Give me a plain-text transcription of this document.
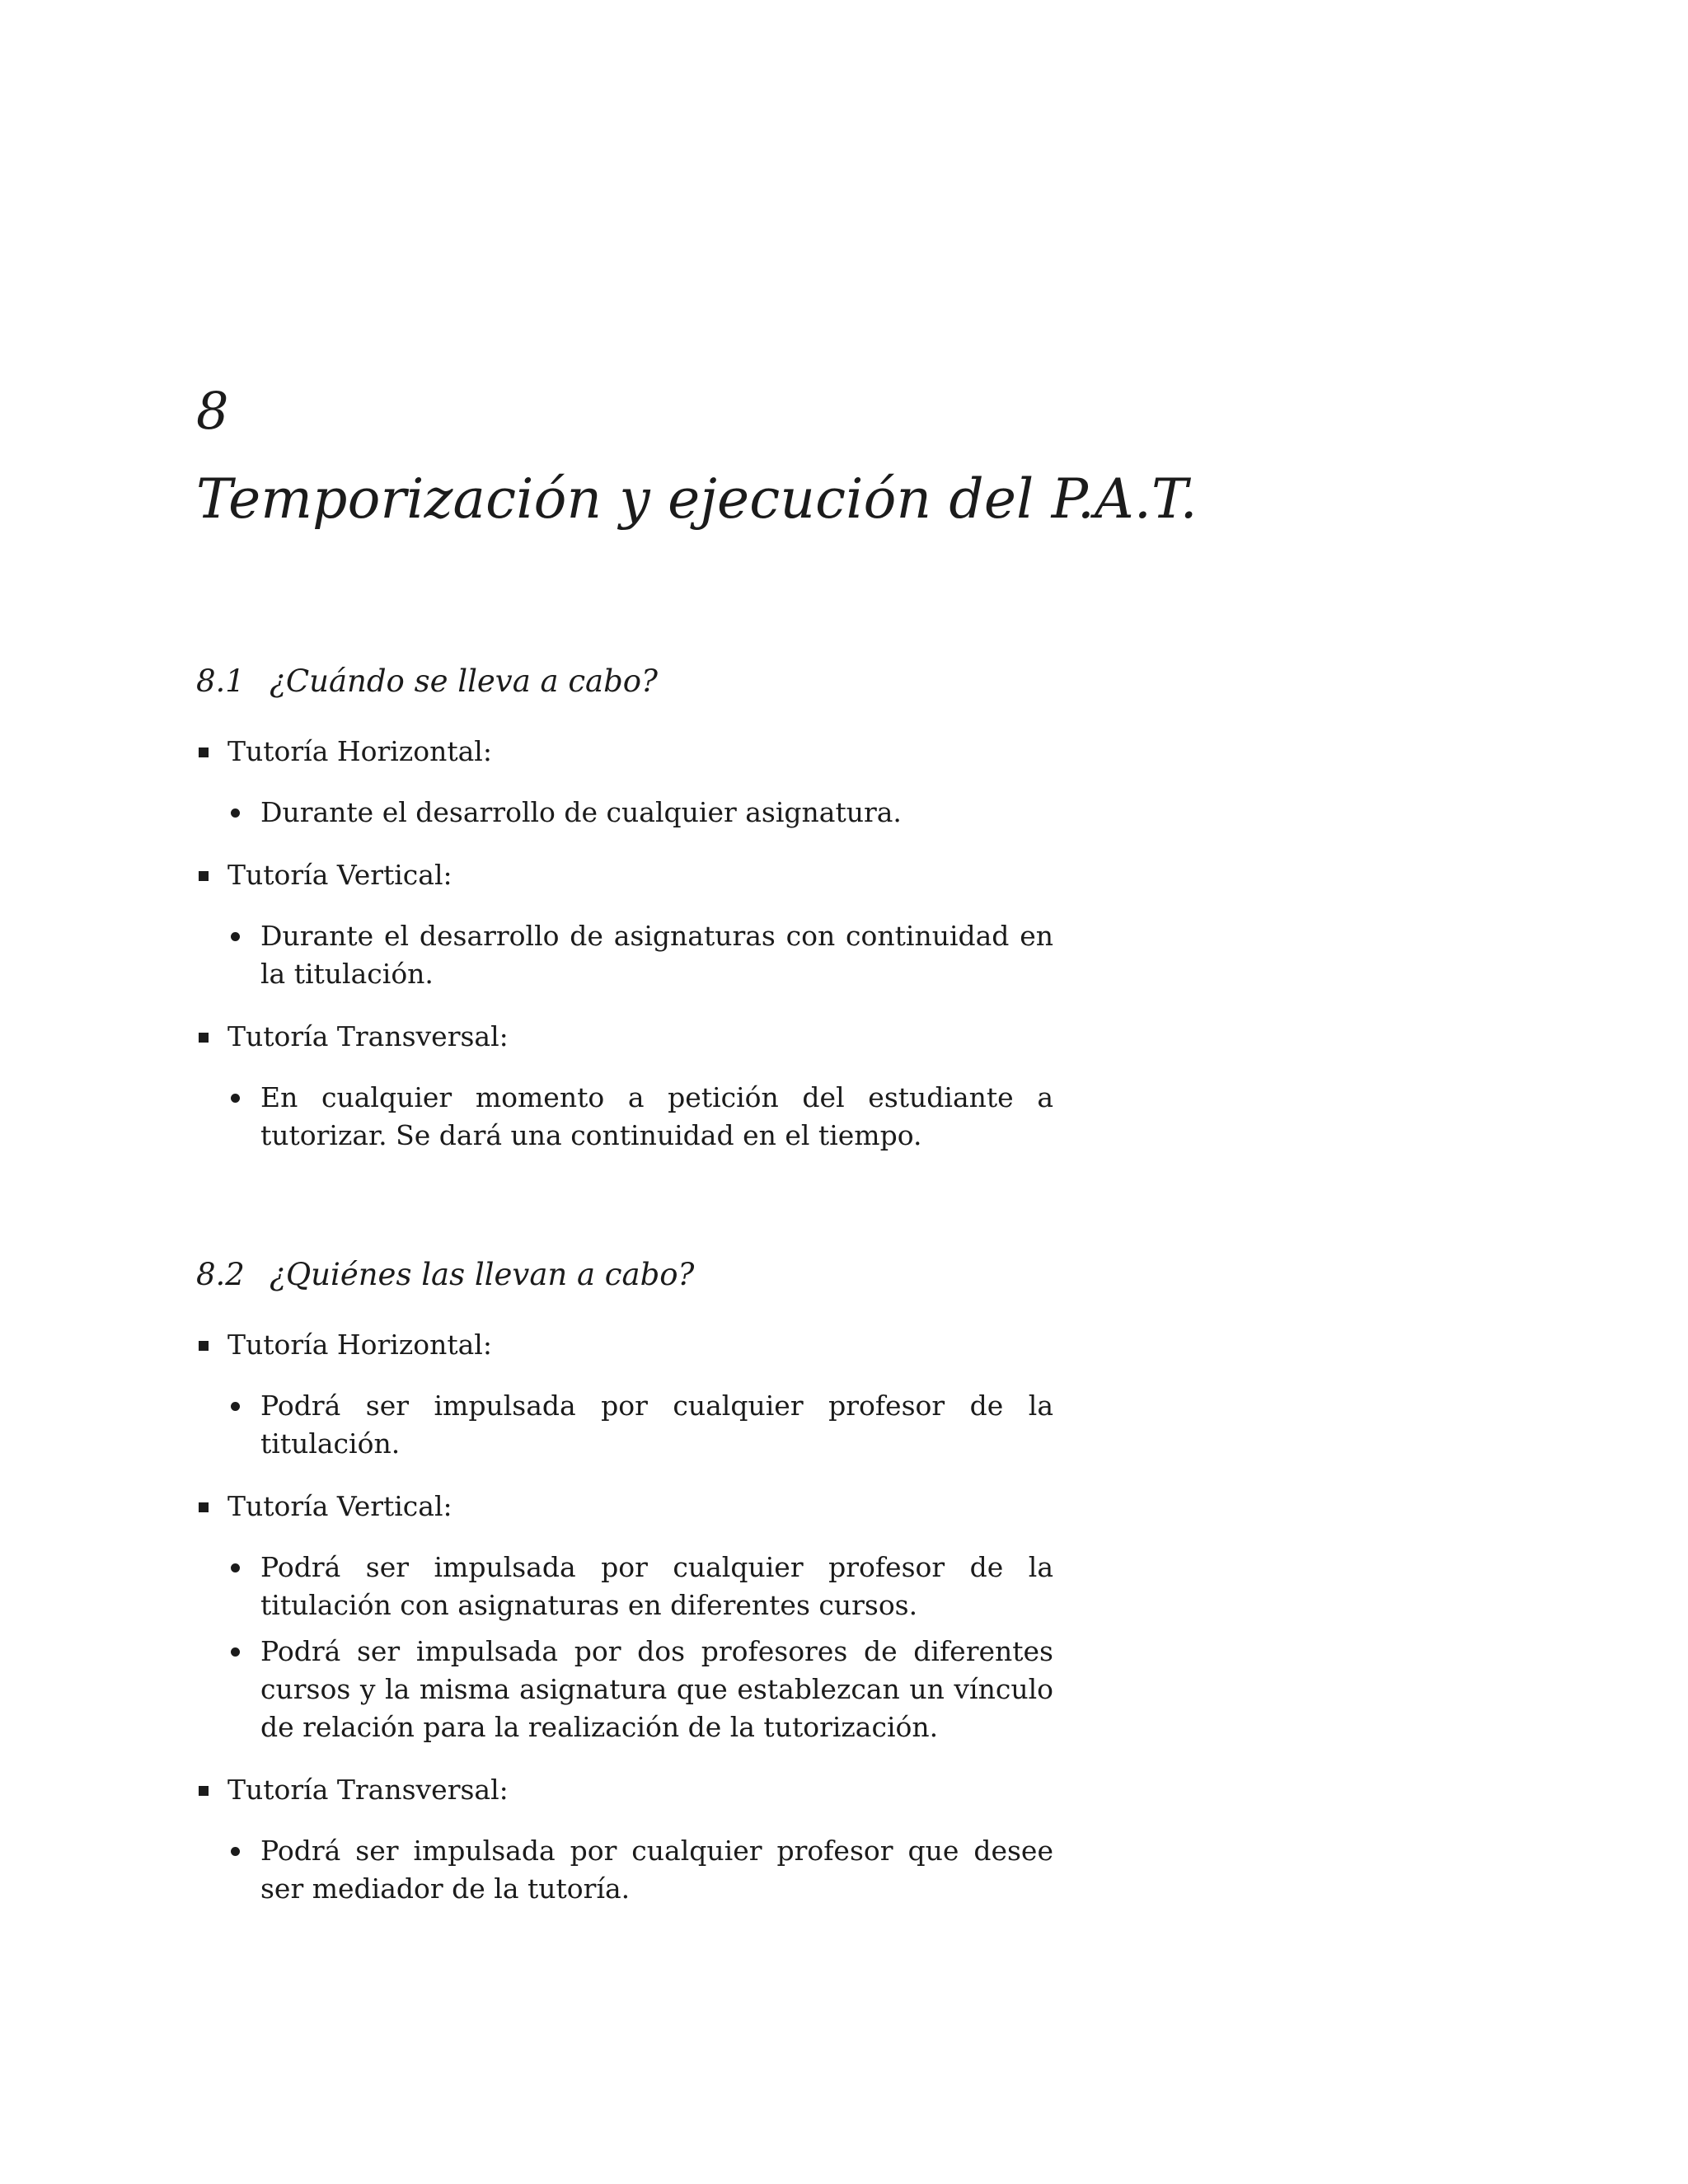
8
Temporización y ejecución del P.A.T.
8.1 ¿Cuándo se lleva a cabo?
Tutoría Horizontal:
Durante el desarrollo de cualquier asignatura.
Tutoría Vertical:
Durante el desarrollo de asignaturas con continuidad en la titulación.
Tutoría Transversal:
En cualquier momento a petición del estudiante a tutorizar. Se dará una continuidad en el tiempo.
8.2 ¿Quiénes las llevan a cabo?
Tutoría Horizontal:
Podrá ser impulsada por cualquier profesor de la titulación.
Tutoría Vertical:
Podrá ser impulsada por cualquier profesor de la titulación con asignaturas en diferentes cursos.
Podrá ser impulsada por dos profesores de diferentes cursos y la misma asignatura que establezcan un vínculo de relación para la realización de la tutorización.
Tutoría Transversal:
Podrá ser impulsada por cualquier profesor que desee ser mediador de la tutoría.
